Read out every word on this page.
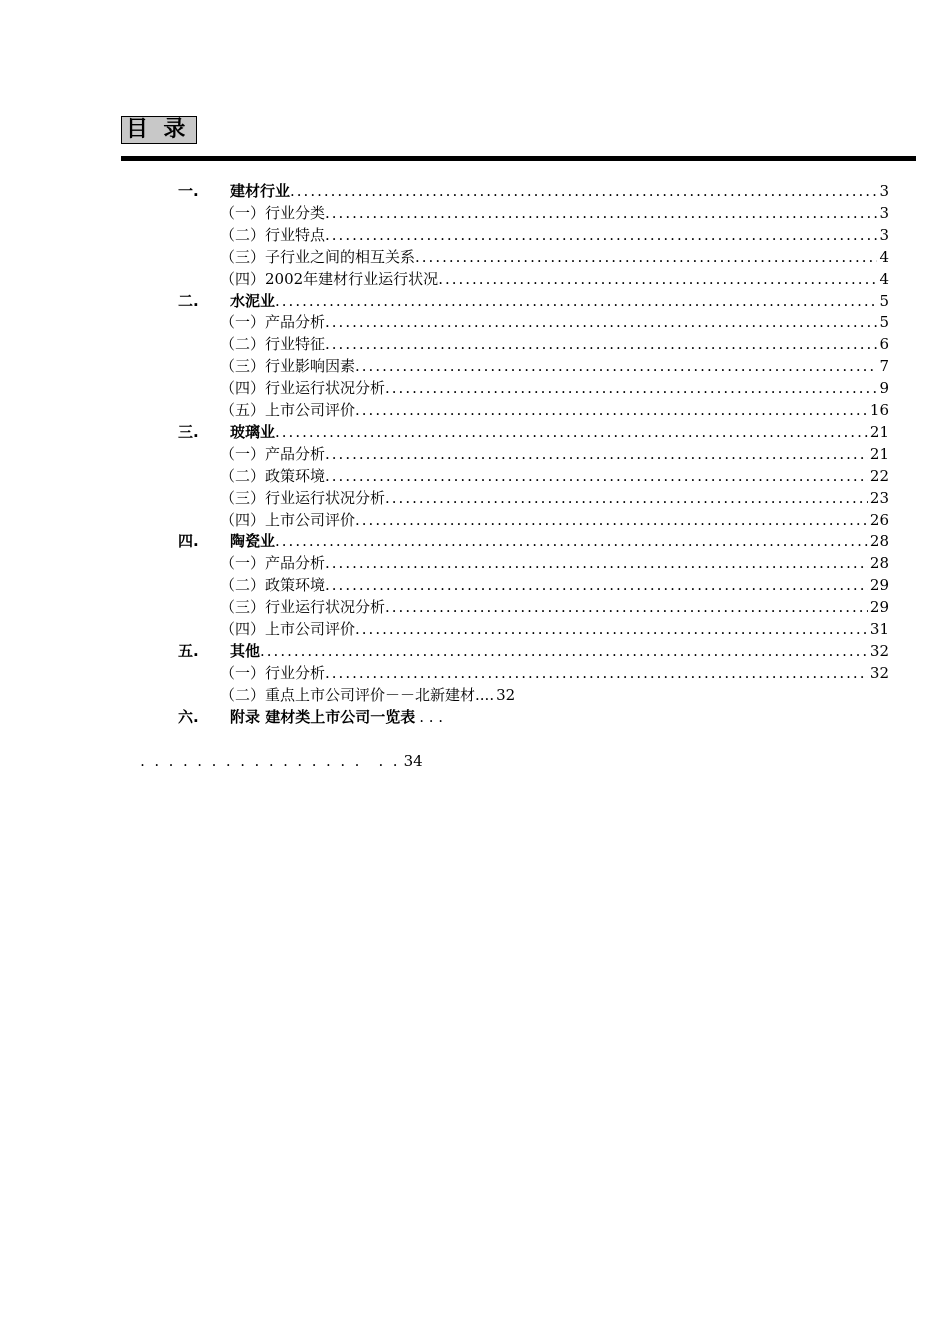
目  录
一.	建材行业 .....	3
（一）行业分类 .....	3
（二）行业特点 .....	3
（三）子行业之间的相互关系 .....	4
（四）2002年建材行业运行状况 .....	4
二.	水泥业 .....	5
（一）产品分析 .....	5
（二）行业特征 .....	6
（三）行业影响因素 .....	7
（四）行业运行状况分析 .....	9
（五）上市公司评价 .....	16
三.	玻璃业 .....	21
（一）产品分析 .....	21
（二）政策环境 .....	22
（三）行业运行状况分析 .....	23
（四）上市公司评价 .....	26
四.	陶瓷业 .....	28
（一）产品分析 .....	28
（二）政策环境 .....	29
（三）行业运行状况分析 .....	29
（四）上市公司评价 .....	31
五.	其他 .....	32
（一）行业分析 .....	32
（二）重点上市公司评价－－北新建材 .... 32
六.	附录 建材类上市公司一览表 . . .

.  .  .  .  .  .  .  .  .  .  .  .  .  .  .  .    .  . 34
